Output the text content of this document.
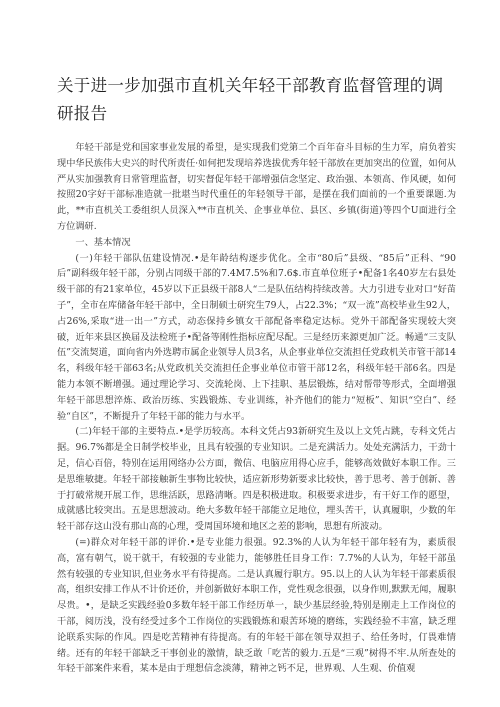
关于进一步加强市直机关年轻干部教育监督管理的调研报告

年轻干部是党和国家事业发展的希望，是实现我们党第二个百年奋斗目标的生力军，肩负着实现中华民族伟大史兴的时代所责任·如何把发现培养选拔优秀年轻干部放在更加突出的位置，如何从严从实加强教育日常管理监督，切实督促年轻干部增强信念坚定、政治强、本领高、作风硬，如何按照20字好干部标准造就一批堪当时代重任的年轻领导干部，是摆在我们面前的一个重要课题.为此，**市直机关工委组织人员深入**市直机关、企事业单位、县区、乡镇(街道)等四个U面进行全方位调研.

一、基本情况

(一)年轻干部队伍建设情况.•是年龄结构逐步优化。全市“80后”县级、“85后”正科、“90后”副科级年轻干部，分别占同级干部的7.4M7.5%和7.6$.市直单位班子•配备1名40岁左右县处级干部的有21家单位，45岁以下正县级干部8人“二是队伍结构持续改善。大力引进专业对口“好苗子”，全市在库储备年轻干部中，全日制硕士研究生79人，占22.3%；“双一流”高校毕业生92人，占26%,采取“进一出一”方式，动态保持乡镇女干部配备率稳定达标。党外干部配备实现较大突破，近年来县区换届及法检班子•配备等刚性指标应配尽配。三是经历来源更加广泛。畅通“三支队伍”交流契道，面向省内外选聘市属企业领导人员3名，从企事业单位交流担任党政机关市管干部14名，科级年轻干部63名;从党政机关交流担任企事业单位市管干部12名，科级年轻干部6名。四是能力本领不断增强。通过理论学习、交流轮岗、上下挂职、基层锻炼，结对帮带等形式，全面增强年轻干部思想淬炼、政治历练、实践锻炼、专业训练，补齐他们的能力“短板”、知识“空白”、经验“自区”，不断提升了年轻干部的能力与水平。

(二)年轻干部的主要特点.•是学历较高。本科文凭占93新研究生及以上文凭占跳，专科文凭占据。96.7%都是全日制学校毕业，且具有较强的专业知识。二是充满活力。处处充满活力，干劲十足，信心百倍，特别在运用网络办公方面，微信、电脑应用得心应手，能够高效做好本职工作。三是思维敏捷。年轻干部接触新生事物比较快，适应新形势新要求比较快，善于思考、善于创新、善于打破常规开展工作，思维活跃，思路清晰。四是积极进取。积极要求进步，有干好工作的愿望，成就感比较突出。五是思想波动。绝大多数年轻干部能立足地位，埋头苦干，认真履职，少数的年轻干部存这山没有那山高的心理，受周国环境和地区之差的影响，思想有所波动。

(=)群众对年轻干部的评价.•是专业能力很强。92.3%的人认为年轻干部年轻有为，素质很高，富有朝气，说干就干，有较强的专业能力，能够胜任目身工作：7.7%的人认为，年轻干部虽然有较强的专业知识,但业务水平有待提高。二是认真履行职方。95.以上的人认为年轻干部素质很高，组织安排工作从不计价还价，并创新做好本职工作，党性观念很强，以身作则,默默无闻，履职尽贵。•，是缺乏实践经验0多数年轻干部工作经历单一，缺少基层经验,特别是刚走上工作岗位的干部，阅历浅，没有经受过多个工作岗位的实践锻炼和艰苦环境的磨练，实践经验不丰富，缺乏理论联系实际的作风。四是吃苦精神有待提高。有的年轻干部在领导双担子、给任务时，仃畏难情绪。还有的年轻干部缺乏干事创业的激情，缺乏敢「吃苦的毅力.五是“三观”树得不牢.从所查处的年轻干部案件来看，某本是由于理想信念淡薄，精神之钙不足，世界观、人生观、价值观
